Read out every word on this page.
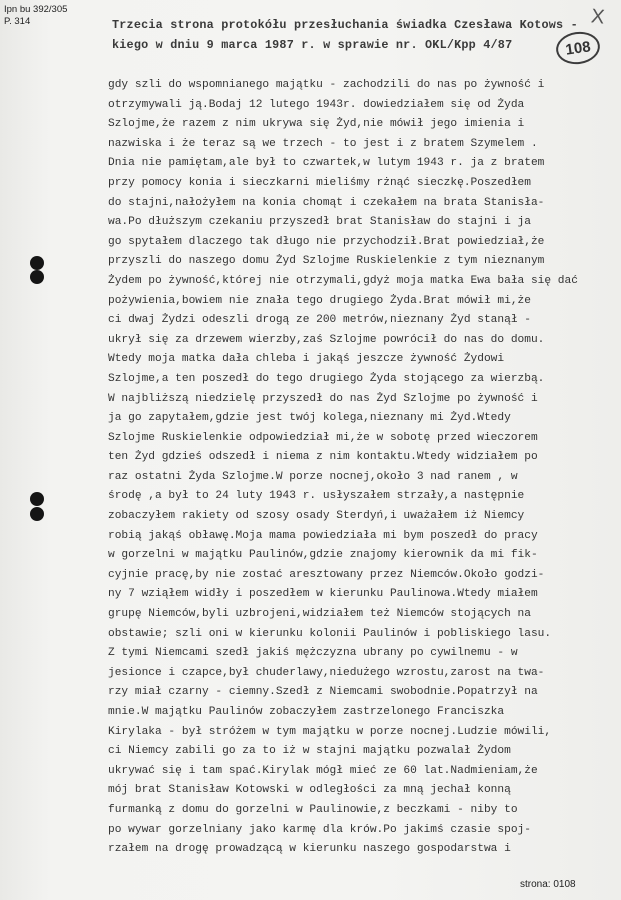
Ipn bu 392/305
P. 314	Trzecia strona protokółu przesłuchania świadka Czesława Kotows -
kiego w dniu 9 marca 1987 r. w sprawie nr. OKL/Kpp 4/87
X
108
gdy szli do wspomnianego majątku - zachodzili do nas po żywność i
otrzymywali ją.Bodaj 12 lutego 1943r. dowiedziałem się od Żyda
Szlojme,że razem z nim ukrywa się Żyd,nie mówił jego imienia i
nazwiska i że teraz są we trzech - to jest i z bratem Szymelem .
Dnia nie pamiętam,ale był to czwartek,w lutym 1943 r. ja z bratem
przy pomocy konia i sieczkarni mieliśmy rżnąć sieczkę.Poszedłem
do stajni,nałożyłem na konia chomąt i czekałem na brata Stanisła-
wa.Po dłuższym czekaniu przyszedł brat Stanisław do stajni i ja
go spytałem dlaczego tak długo nie przychodził.Brat powiedział,że
przyszli do naszego domu Żyd Szlojme Ruskielenkie z tym nieznanym
Żydem po żywność,której nie otrzymali,gdyż moja matka Ewa bała się dać
pożywienia,bowiem nie znała tego drugiego Żyda.Brat mówił mi,że
ci dwaj Żydzi odeszli drogą ze 200 metrów,nieznany Żyd stanął -
ukrył się za drzewem wierzby,zaś Szlojme powrócił do nas do domu.
Wtedy moja matka dała chleba i jakąś jeszcze żywność Żydowi
Szlojme,a ten poszedł do tego drugiego Żyda stojącego za wierzbą.
W najbliższą niedzielę przyszedł do nas Żyd Szlojme po żywność i
ja go zapytałem,gdzie jest twój kolega,nieznany mi Żyd.Wtedy
Szlojme Ruskielenkie odpowiedział mi,że w sobotę przed wieczorem
ten Żyd gdzieś odszedł i niema z nim kontaktu.Wtedy widziałem po
raz ostatni Żyda Szlojme.W porze nocnej,około 3 nad ranem , w
środę ,a był to 24 luty 1943 r. usłyszałem strzały,a następnie
zobaczyłem rakiety od szosy osady Sterdyń,i uważałem iż Niemcy
robią jakąś obławę.Moja mama powiedziała mi bym poszedł do pracy
w gorzelni w majątku Paulinów,gdzie znajomy kierownik da mi fik-
cyjnie pracę,by nie zostać aresztowany przez Niemców.Około godzi-
ny 7 wziąłem widły i poszedłem w kierunku Paulinowa.Wtedy miałem
grupę Niemców,byli uzbrojeni,widziałem też Niemców stojących na
obstawie; szli oni w kierunku kolonii Paulinów i pobliskiego lasu.
Z tymi Niemcami szedł jakiś mężczyzna ubrany po cywilnemu - w
jesionce i czapce,był chuderlawy,niedużego wzrostu,zarost na twa-
rzy miał czarny - ciemny.Szedł z Niemcami swobodnie.Popatrzył na
mnie.W majątku Paulinów zobaczyłem zastrzelonego Franciszka
Kirylaka - był stróżem w tym majątku w porze nocnej.Ludzie mówili,
ci Niemcy zabili go za to iż w stajni majątku pozwalał Żydom
ukrywać się i tam spać.Kirylak mógł mieć ze 60 lat.Nadmieniam,że
mój brat Stanisław Kotowski w odległości za mną jechał konną
furmanką z domu do gorzelni w Paulinowie,z beczkami - niby to
po wywar gorzelniany jako karmę dla krów.Po jakimś czasie spoj-
rzałem na drogę prowadzącą w kierunku naszego gospodarstwa i
strona: 0108
